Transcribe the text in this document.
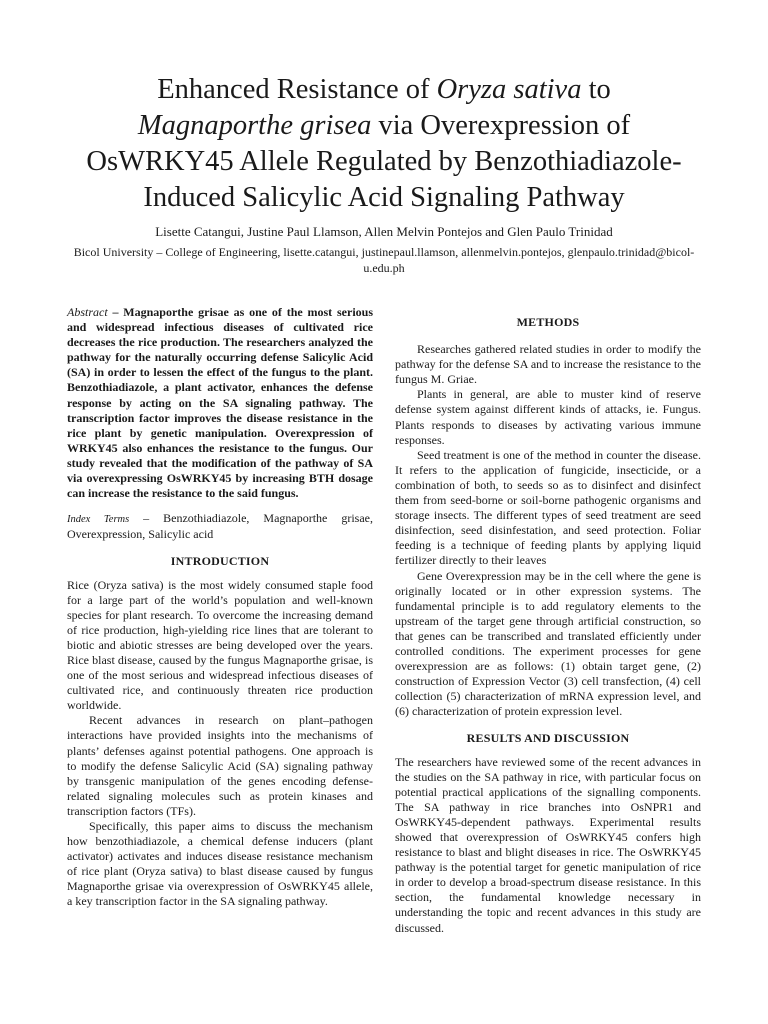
Enhanced Resistance of Oryza sativa to
Magnaporthe grisea via Overexpression of
OsWRKY45 Allele Regulated by Benzothiadiazole-
Induced Salicylic Acid Signaling Pathway
Lisette Catangui, Justine Paul Llamson, Allen Melvin Pontejos and Glen Paulo Trinidad
Bicol University – College of Engineering, lisette.catangui, justinepaul.llamson, allenmelvin.pontejos, glenpaulo.trinidad@bicol-u.edu.ph

Abstract – Magnaporthe grisae as one of the most serious and widespread infectious diseases of cultivated rice decreases the rice production. The researchers analyzed the pathway for the naturally occurring defense Salicylic Acid (SA) in order to lessen the effect of the fungus to the plant. Benzothiadiazole, a plant activator, enhances the defense response by acting on the SA signaling pathway. The transcription factor improves the disease resistance in the rice plant by genetic manipulation. Overexpression of WRKY45 also enhances the resistance to the fungus. Our study revealed that the modification of the pathway of SA via overexpressing OsWRKY45 by increasing BTH dosage can increase the resistance to the said fungus.

Index Terms – Benzothiadiazole, Magnaporthe grisae, Overexpression, Salicylic acid

INTRODUCTION

Rice (Oryza sativa) is the most widely consumed staple food for a large part of the world’s population and well-known species for plant research. To overcome the increasing demand of rice production, high-yielding rice lines that are tolerant to biotic and abiotic stresses are being developed over the years. Rice blast disease, caused by the fungus Magnaporthe grisae, is one of the most serious and widespread infectious diseases of cultivated rice, and continuously threaten rice production worldwide.

Recent advances in research on plant–pathogen interactions have provided insights into the mechanisms of plants’ defenses against potential pathogens. One approach is to modify the defense Salicylic Acid (SA) signaling pathway by transgenic manipulation of the genes encoding defense-related signaling molecules such as protein kinases and transcription factors (TFs).

Specifically, this paper aims to discuss the mechanism how benzothiadiazole, a chemical defense inducers (plant activator) activates and induces disease resistance mechanism of rice plant (Oryza sativa) to blast disease caused by fungus Magnaporthe grisae via overexpression of OsWRKY45 allele, a key transcription factor in the SA signaling pathway.

METHODS

Researches gathered related studies in order to modify the pathway for the defense SA and to increase the resistance to the fungus M. Griae.

Plants in general, are able to muster kind of reserve defense system against different kinds of attacks, ie. Fungus. Plants responds to diseases by activating various immune responses.

Seed treatment is one of the method in counter the disease. It refers to the application of fungicide, insecticide, or a combination of both, to seeds so as to disinfect and disinfect them from seed-borne or soil-borne pathogenic organisms and storage insects. The different types of seed treatment are seed disinfection, seed disinfestation, and seed protection. Foliar feeding is a technique of feeding plants by applying liquid fertilizer directly to their leaves

Gene Overexpression may be in the cell where the gene is originally located or in other expression systems. The fundamental principle is to add regulatory elements to the upstream of the target gene through artificial construction, so that genes can be transcribed and translated efficiently under controlled conditions. The experiment processes for gene overexpression are as follows: (1) obtain target gene, (2) construction of Expression Vector (3) cell transfection, (4) cell collection (5) characterization of mRNA expression level, and (6) characterization of protein expression level.

RESULTS AND DISCUSSION

The researchers have reviewed some of the recent advances in the studies on the SA pathway in rice, with particular focus on potential practical applications of the signalling components. The SA pathway in rice branches into OsNPR1 and OsWRKY45-dependent pathways. Experimental results showed that overexpression of OsWRKY45 confers high resistance to blast and blight diseases in rice. The OsWRKY45 pathway is the potential target for genetic manipulation of rice in order to develop a broad-spectrum disease resistance. In this section, the fundamental knowledge necessary in understanding the topic and recent advances in this study are discussed.
